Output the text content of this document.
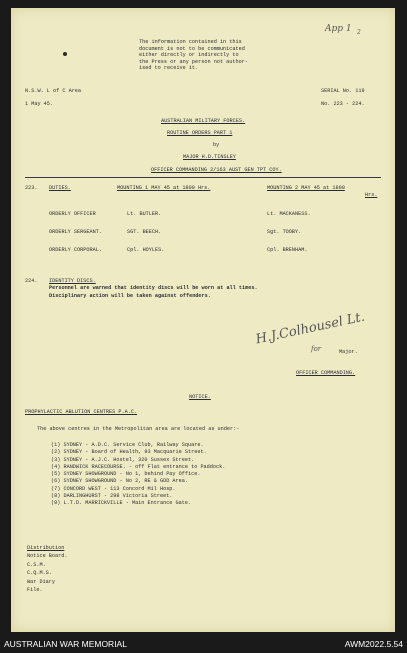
App 1 2
The information contained in this
document is not to be communicated
either directly or indirectly to
the Press or any person not author-
ised to receive it.
N.S.W. L of C Area
1 May 45.
SERIAL No. 119
No. 223 - 224.
AUSTRALIAN MILITARY FORCES.
ROUTINE ORDERS PART 1
by
MAJOR H.D.TINSLEY
OFFICER COMMANDING 2/163 AUST GEN TPT COY.
223. DUTIES.	MOUNTING 1 MAY 45 at 1800 Hrs.	MOUNTING 2 MAY 45 at 1800
Hrs.
ORDERLY OFFICER	Lt. BUTLER.	Lt. MACKANESS.
ORDERLY SERGEANT.	SGT. BEECH.	Sgt. TOOBY.
ORDERLY CORPORAL.	Cpl. HOYLES.	Cpl. BRENHAM.
224. IDENTITY DISCS.
Personnel are warned that identity discs will be worn at all times.
Disciplinary action will be taken against offenders.
H.J.Colhousel Lt.
for	Major.
OFFICER COMMANDING.
NOTICE.
PROPHYLACTIC ABLUTION CENTRES P.A.C.
The above centres in the Metropolitan area are located as under:-
(1) SYDNEY - A.D.C. Service Club, Railway Square.
(2) SYDNEY - Board of Health, 93 Macquarie Street.
(3) SYDNEY - A.J.C. Hostel, 320 Sussex Street.
(4) RANDWICK RACECOURSE. - off Flat entrance to Paddock.
(5) SYDNEY SHOWGROUND - No 1, behind Pay Office.
(6) SYDNEY SHOWGROUND - No 2, RE & GDD Area.
(7) CONCORD WEST - 113 Concord Mil Hosp.
(8) DARLINGHURST - 298 Victoria Street.
(9) L.T.D. MARRICKVILLE - Main Entrance Gate.
Distribution
Notice Board.
C.S.M.
C.Q.M.S.
War Diary
File.
AUSTRALIAN WAR MEMORIAL	AWM2022.5.54
